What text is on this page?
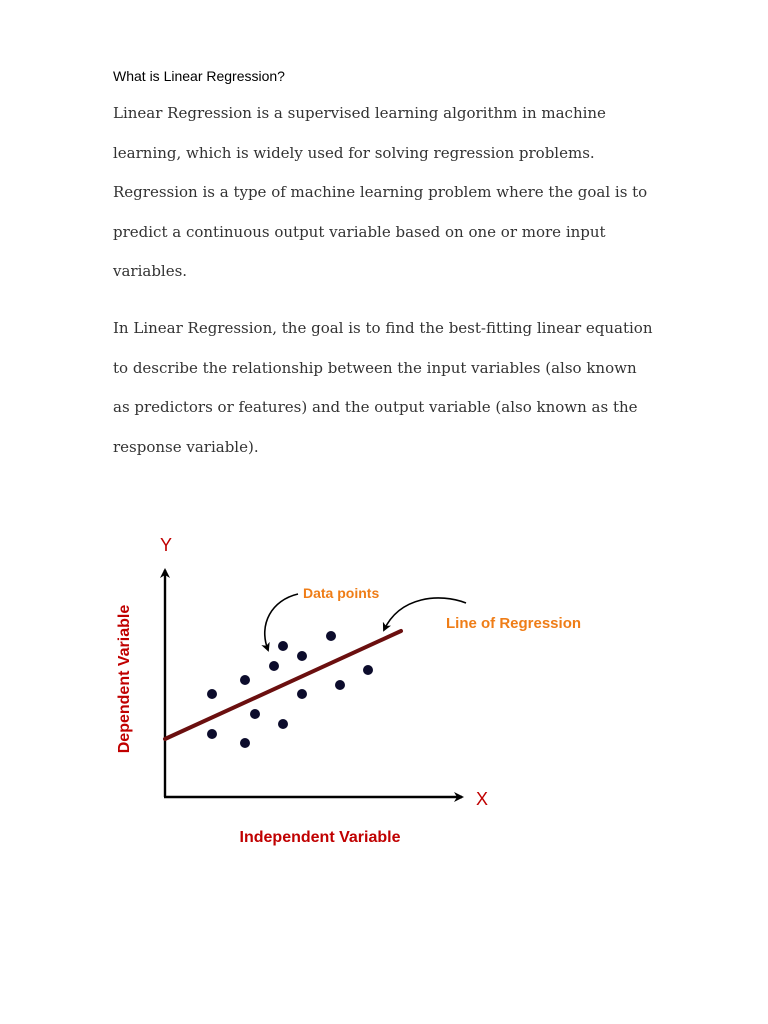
What is Linear Regression?

Linear Regression is a supervised learning algorithm in machine
learning, which is widely used for solving regression problems.
Regression is a type of machine learning problem where the goal is to
predict a continuous output variable based on one or more input
variables.

In Linear Regression, the goal is to find the best-fitting linear equation
to describe the relationship between the input variables (also known
as predictors or features) and the output variable (also known as the
response variable).

Y
X
Dependent Variable
Independent Variable
Data points
Line of Regression
